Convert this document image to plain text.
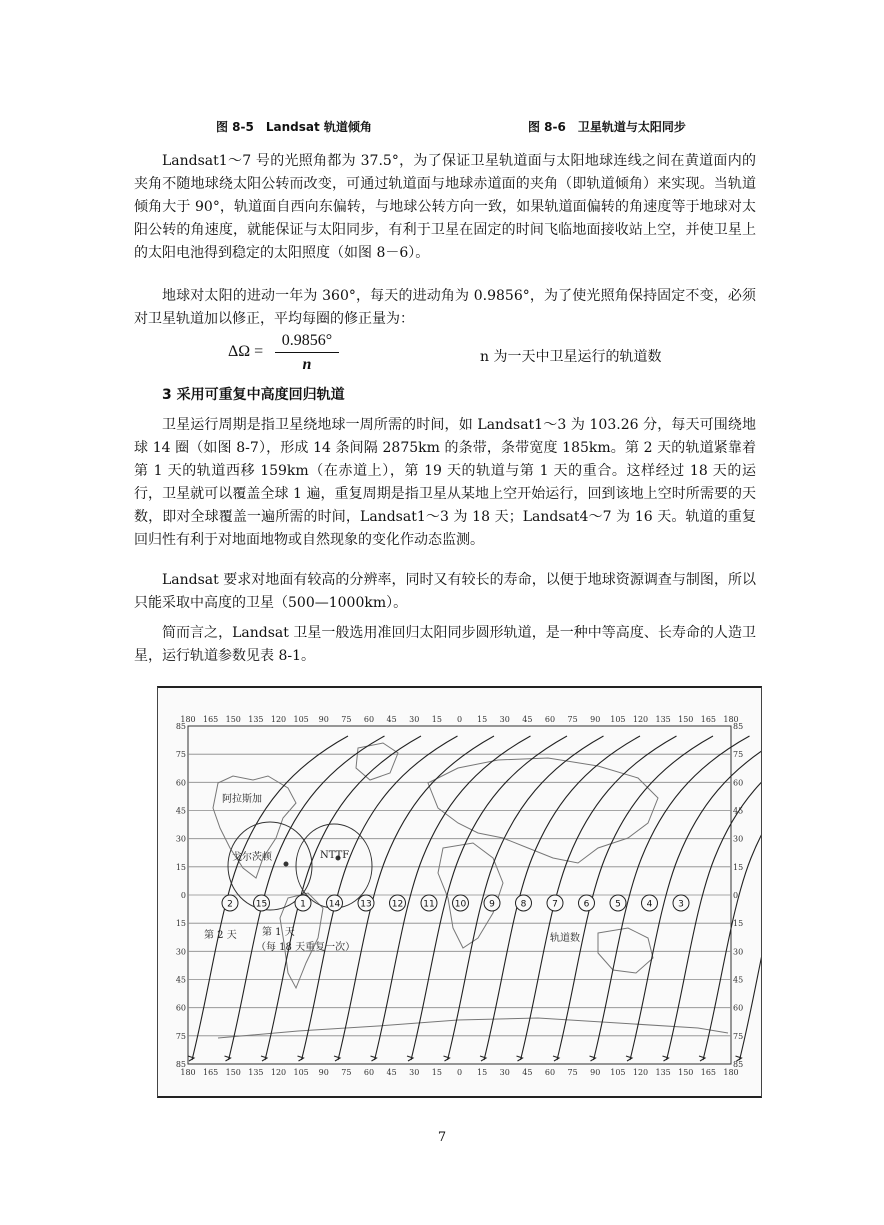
图 8-5　Landsat 轨道倾角	图 8-6　卫星轨道与太阳同步

Landsat1～7 号的光照角都为 37.5°，为了保证卫星轨道面与太阳地球连线之间在黄道面内的夹角不随地球绕太阳公转而改变，可通过轨道面与地球赤道面的夹角（即轨道倾角）来实现。当轨道倾角大于 90°，轨道面自西向东偏转，与地球公转方向一致，如果轨道面偏转的角速度等于地球对太阳公转的角速度，就能保证与太阳同步，有利于卫星在固定的时间飞临地面接收站上空，并使卫星上的太阳电池得到稳定的太阳照度（如图 8－6）。

地球对太阳的进动一年为 360°，每天的进动角为 0.9856°，为了使光照角保持固定不变，必须对卫星轨道加以修正，平均每圈的修正量为：

$\Delta\Omega = \frac{0.9856^\circ}{n}$	n 为一天中卫星运行的轨道数
3 采用可重复中高度回归轨道

卫星运行周期是指卫星绕地球一周所需的时间，如 Landsat1～3 为 103.26 分，每天可围绕地球 14 圈（如图 8-7），形成 14 条间隔 2875km 的条带，条带宽度 185km。第 2 天的轨道紧靠着第 1 天的轨道西移 159km（在赤道上），第 19 天的轨道与第 1 天的重合。这样经过 18 天的运行，卫星就可以覆盖全球 1 遍，重复周期是指卫星从某地上空开始运行，回到该地上空时所需要的天数，即对全球覆盖一遍所需的时间，Landsat1～3 为 18 天；Landsat4～7 为 16 天。轨道的重复回归性有利于对地面地物或自然现象的变化作动态监测。

Landsat 要求对地面有较高的分辨率，同时又有较长的寿命，以便于地球资源调查与制图，所以只能采取中高度的卫星（500—1000km）。

简而言之，Landsat 卫星一般选用准回归太阳同步圆形轨道，是一种中等高度、长寿命的人造卫星，运行轨道参数见表 8-1。

85	85
75	75
60	60
45	45
30	30
15	15
0	0
15	15
30	30
45	45
60	60
75	75
85	85
180
180
165
165
150
150
135
135
120
120
105
105
90
90
75
75
60
60
45
45
30
30
15
15
0
0
15
15
30
30
45
45
60
60
75
75
90
90
105
105
120
120
135
135
150
150
165
165
180
180
2	15	1	14 13 12 11 10	9	8	7	6	5	4	3
阿拉斯加
戈尔茨顿	NTTF
第 2 天	第 1 天
（每 18 天重复一次）
轨道数
7
